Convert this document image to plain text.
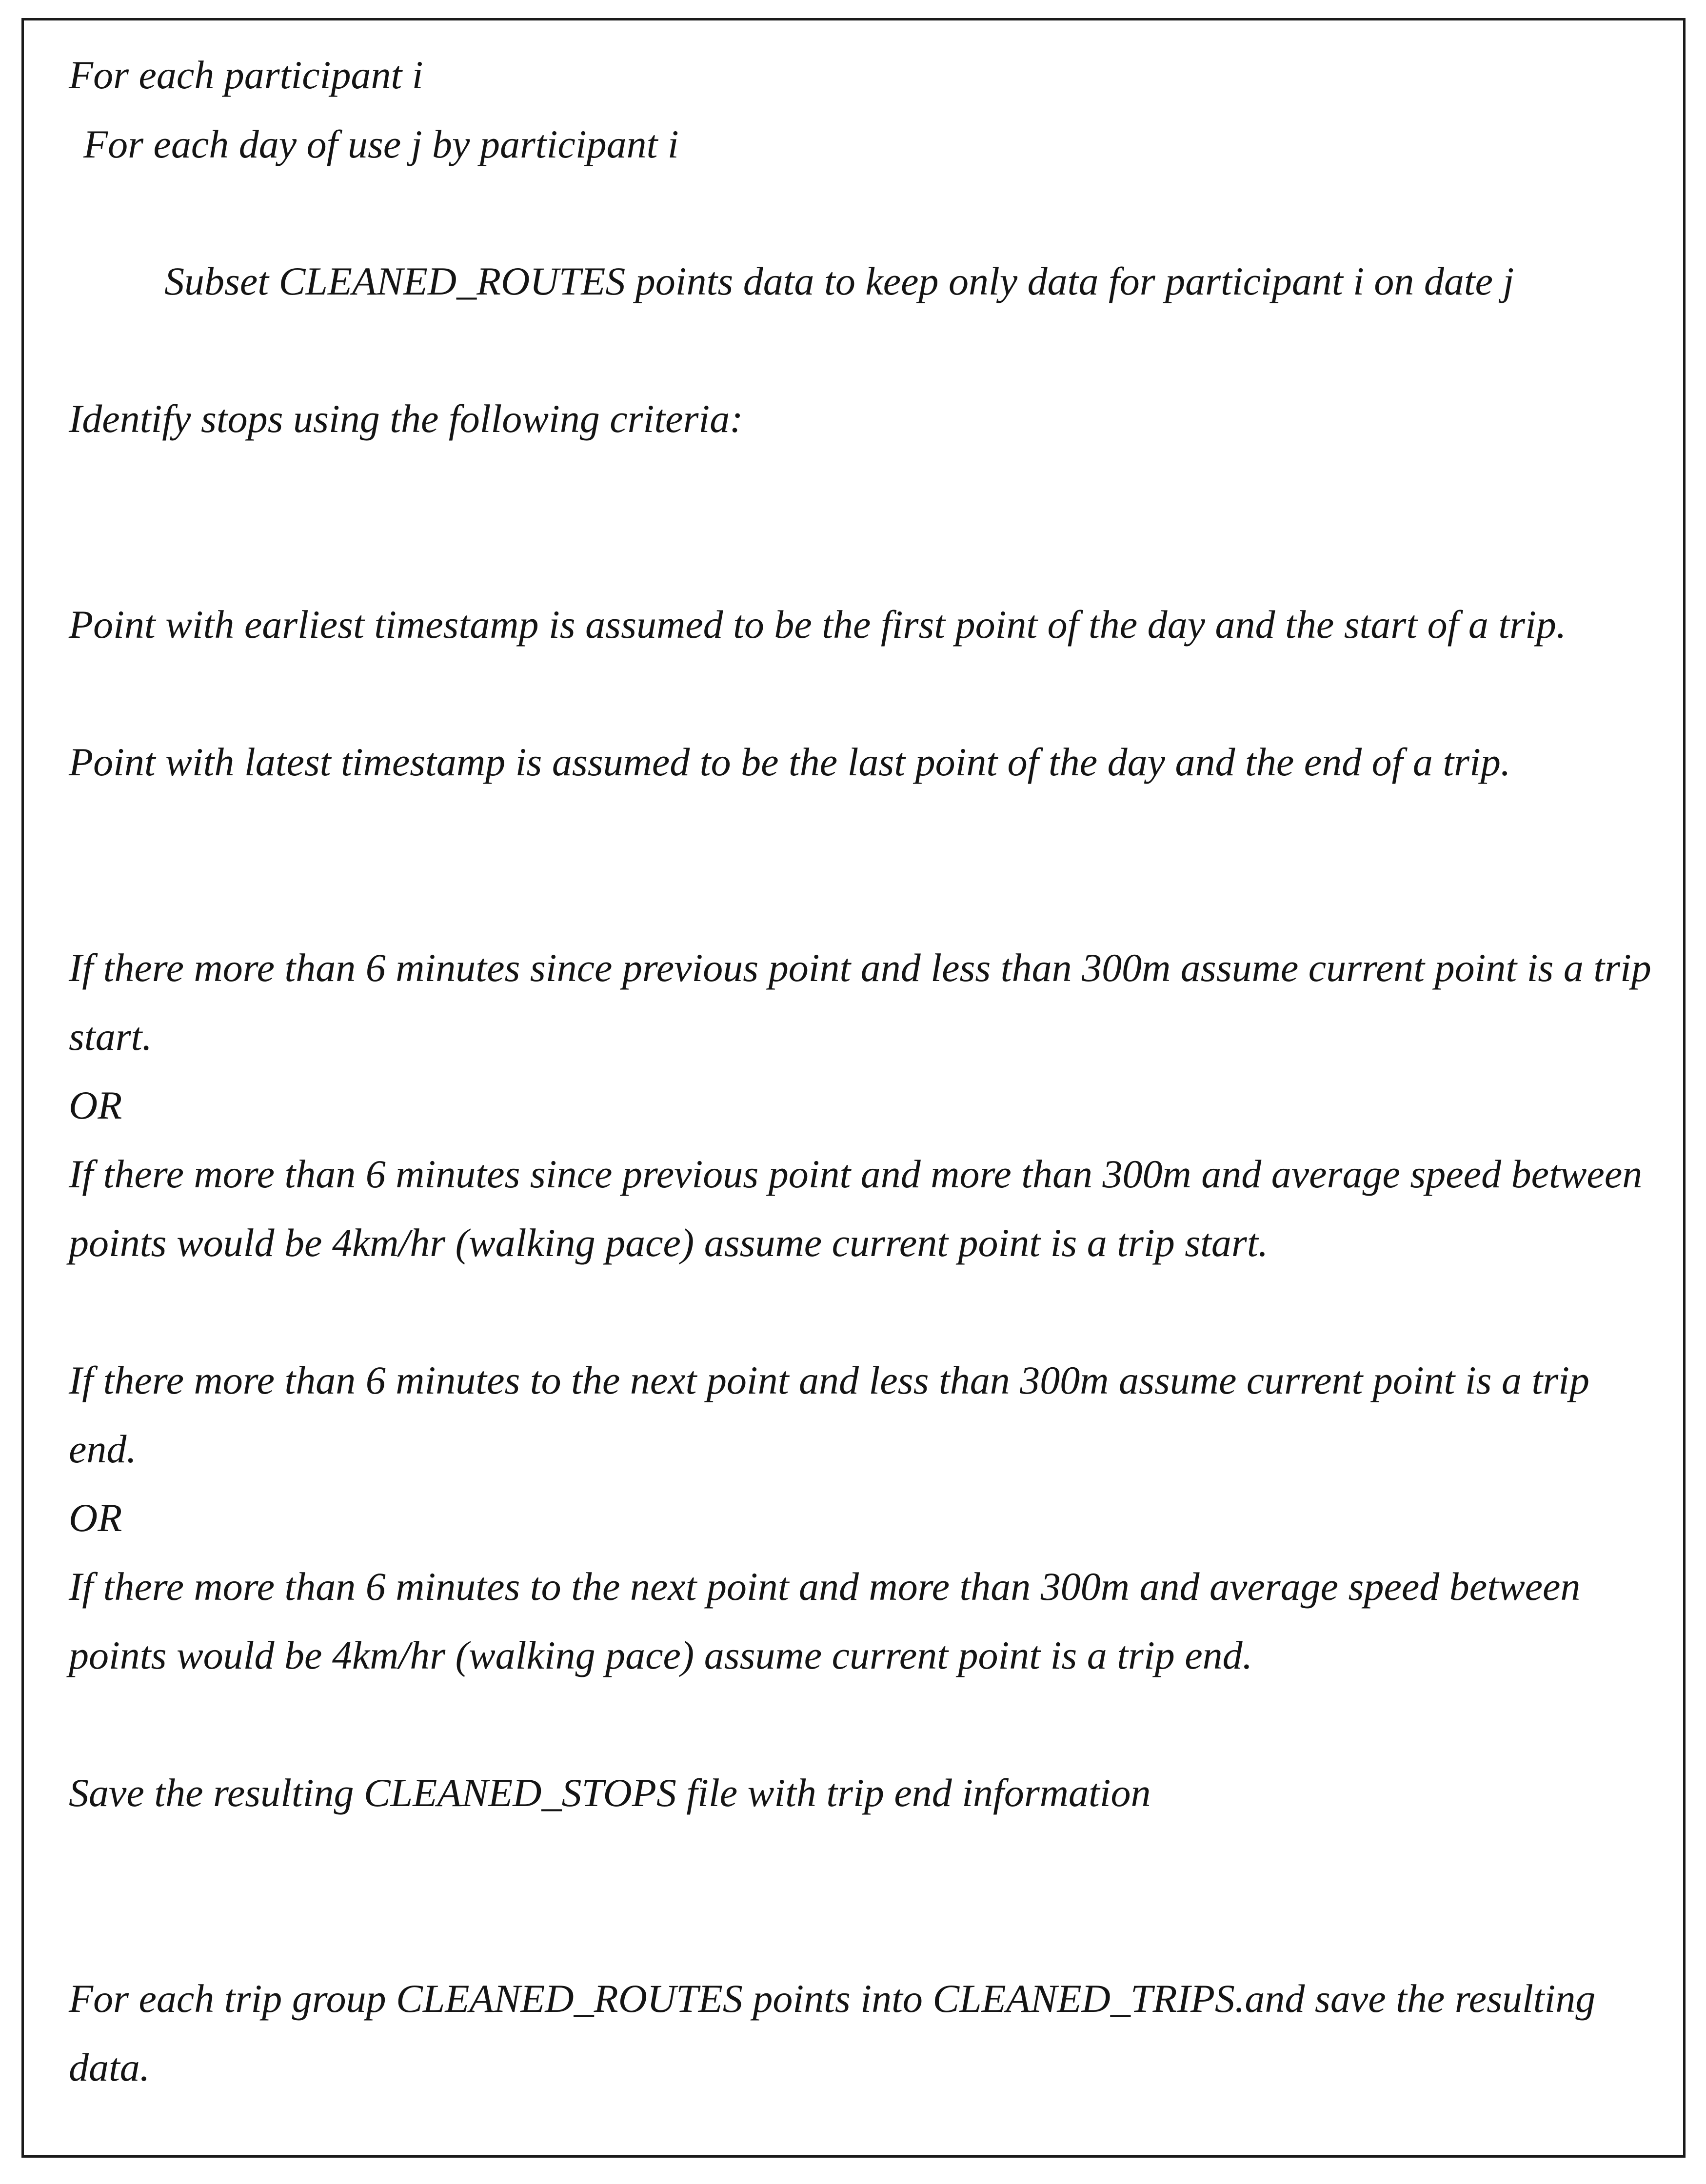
For each participant i
For each day of use j by participant i
Subset CLEANED_ROUTES points data to keep only data for participant i on date j
Identify stops using the following criteria:
Point with earliest timestamp is assumed to be the first point of the day and the start of a trip.
Point with latest timestamp is assumed to be the last point of the day and the end of a trip.
If there more than 6 minutes since previous point and less than 300m assume current point is a trip
start.
OR
If there more than 6 minutes since previous point and more than 300m and average speed between
points would be 4km/hr (walking pace) assume current point is a trip start.
If there more than 6 minutes to the next point and less than 300m assume current point is a trip
end.
OR
If there more than 6 minutes to the next point and more than 300m and average speed between
points would be 4km/hr (walking pace) assume current point is a trip end.
Save the resulting CLEANED_STOPS file with trip end information
For each trip group CLEANED_ROUTES points into CLEANED_TRIPS.and save the resulting
data.
